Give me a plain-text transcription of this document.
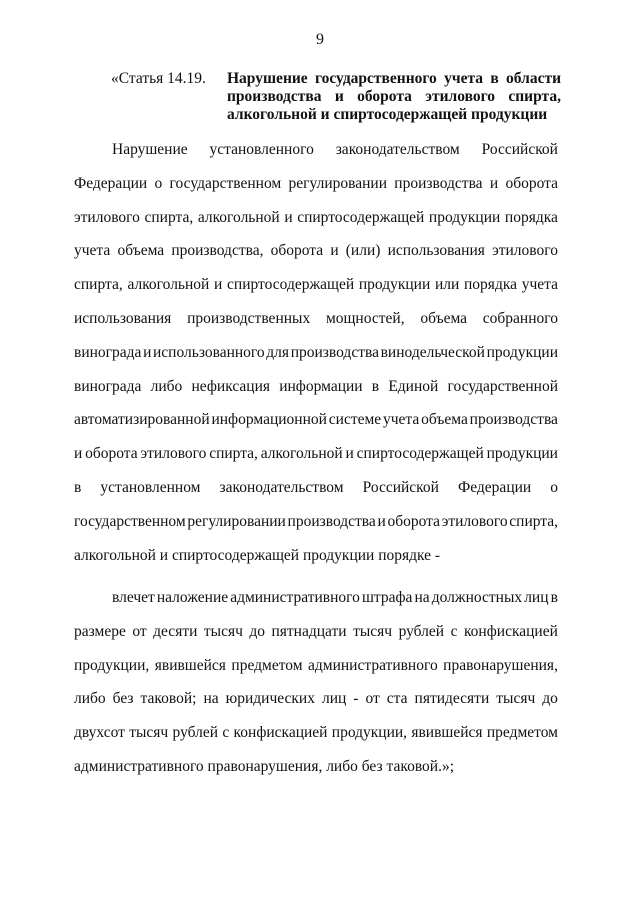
9
«Статья 14.19. Нарушение государственного учета в области
производства и оборота этилового спирта,
алкогольной и спиртосодержащей продукции
Нарушение установленного законодательством Российской
Федерации о государственном регулировании производства и оборота
этилового спирта, алкогольной и спиртосодержащей продукции порядка
учета объема производства, оборота и (или) использования этилового
спирта, алкогольной и спиртосодержащей продукции или порядка учета
использования производственных мощностей, объема собранного
винограда и использованного для производства винодельческой продукции
винограда либо нефиксация информации в Единой государственной
автоматизированной информационной системе учета объема производства
и оборота этилового спирта, алкогольной и спиртосодержащей продукции
в установленном законодательством Российской Федерации о
государственном регулировании производства и оборота этилового спирта,
алкогольной и спиртосодержащей продукции порядке -
влечет наложение административного штрафа на должностных лиц в
размере от десяти тысяч до пятнадцати тысяч рублей с конфискацией
продукции, явившейся предметом административного правонарушения,
либо без таковой; на юридических лиц - от ста пятидесяти тысяч до
двухсот тысяч рублей с конфискацией продукции, явившейся предметом
административного правонарушения, либо без таковой.»;
